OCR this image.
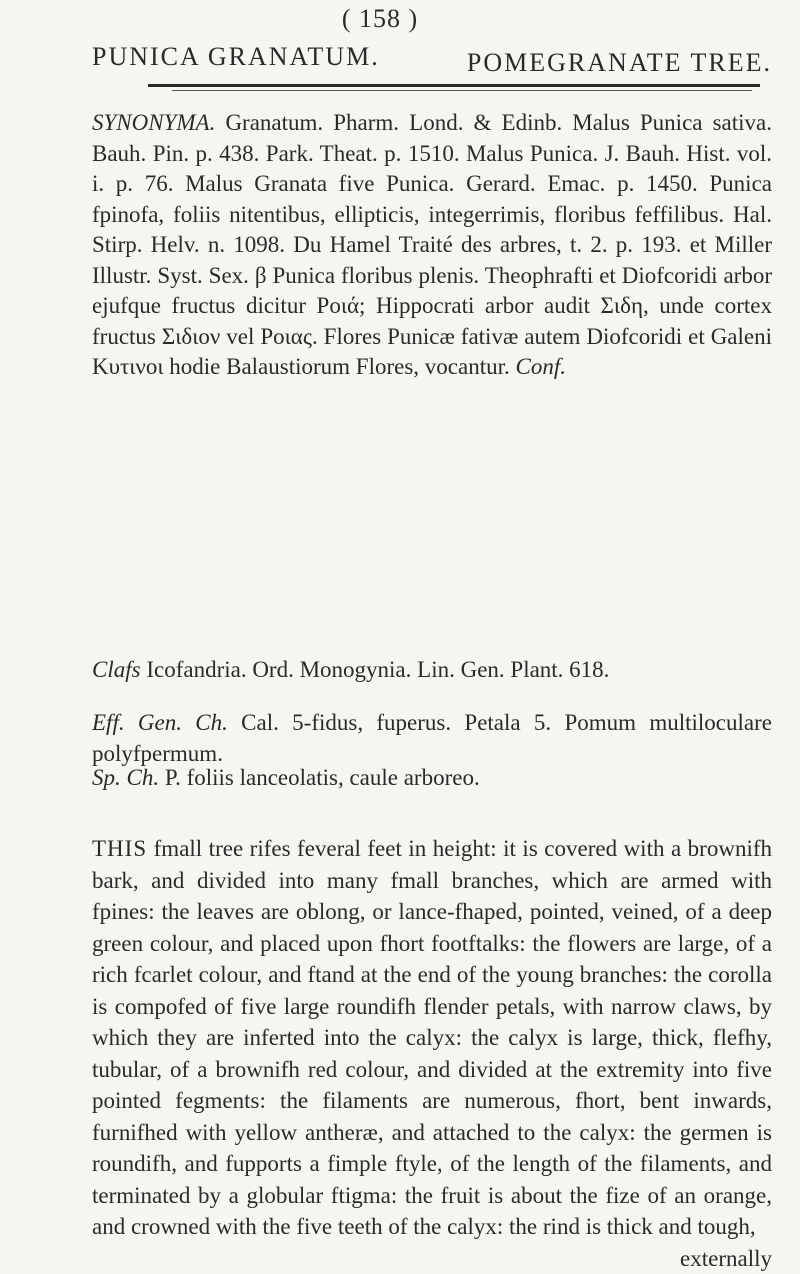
( 158 )
PUNICA GRANATUM.	POMEGRANATE TREE.
SYNONYMA. Granatum. Pharm. Lond. & Edinb. Malus Punica sativa. Bauh. Pin. p. 438. Park. Theat. p. 1510. Malus Punica. J. Bauh. Hist. vol. i. p. 76. Malus Granata five Punica. Gerard. Emac. p. 1450. Punica fpinofa, foliis nitentibus, ellipticis, integerrimis, floribus feffilibus. Hal. Stirp. Helv. n. 1098. Du Hamel Traité des arbres, t. 2. p. 193. et Miller Illustr. Syst. Sex. β Punica floribus plenis. Theophrafti et Diofcoridi arbor ejufque fructus dicitur Ροιά; Hippocrati arbor audit Σιδη, unde cortex fructus Σιδιον vel Ροιας. Flores Punicæ fativæ autem Diofcoridi et Galeni Κυτινοι hodie Balaustiorum Flores, vocantur. Conf.
Clafs Icofandria. Ord. Monogynia. Lin. Gen. Plant. 618.
Eff. Gen. Ch. Cal. 5-fidus, fuperus. Petala 5. Pomum multiloculare polyfpermum.
Sp. Ch. P. foliis lanceolatis, caule arboreo.
THIS fmall tree rifes feveral feet in height: it is covered with a brownifh bark, and divided into many fmall branches, which are armed with fpines: the leaves are oblong, or lance-fhaped, pointed, veined, of a deep green colour, and placed upon fhort footftalks: the flowers are large, of a rich fcarlet colour, and ftand at the end of the young branches: the corolla is compofed of five large roundifh flender petals, with narrow claws, by which they are inferted into the calyx: the calyx is large, thick, flefhy, tubular, of a brownifh red colour, and divided at the extremity into five pointed fegments: the filaments are numerous, fhort, bent inwards, furnifhed with yellow antheræ, and attached to the calyx: the germen is roundifh, and fupports a fimple ftyle, of the length of the filaments, and terminated by a globular ftigma: the fruit is about the fize of an orange, and crowned with the five teeth of the calyx: the rind is thick and tough,
externally
